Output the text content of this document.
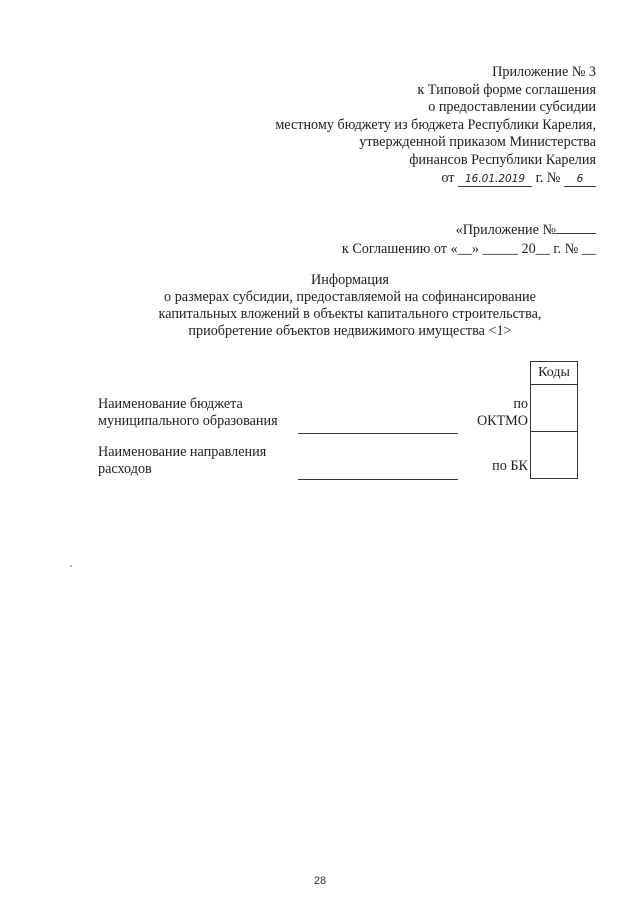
Приложение № 3
к Типовой форме соглашения
о предоставлении субсидии
местному бюджету из бюджета Республики Карелия,
утвержденной приказом Министерства
финансов Республики Карелия
от 16.01.2019 г. № 6
«Приложение №
к Соглашению от «__» _____ 20__ г. № __
Информация
о размерах субсидии, предоставляемой на софинансирование
капитальных вложений в объекты капитального строительства,
приобретение объектов недвижимого имущества <1>
Коды

Наименование бюджета
муниципального образования
по
ОКТМО
Наименование направления
расходов	по БК
28
